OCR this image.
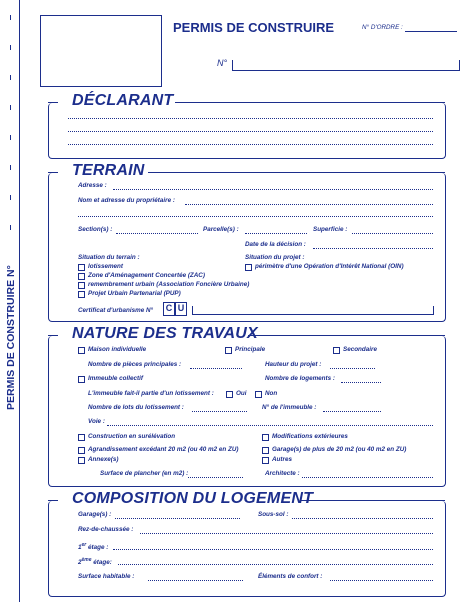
PERMIS DE CONSTRUIRE N°
PERMIS DE CONSTRUIRE	N° D'ORDRE :
N°
DÉCLARANT
TERRAIN
Adresse :
Nom et adresse du propriétaire :
Section(s) :	Parcelle(s) :	Superficie :
Date de la décision :
Situation du terrain :
lotissement
Zone d'Aménagement Concertée (ZAC)
remembrement urbain (Association Foncière Urbaine)
Projet Urbain Partenarial (PUP)
Situation du projet :
périmètre d'une Opération d'Intérêt National (OIN)
Certificat d'urbanisme N°	C U
NATURE DES TRAVAUX
Maison individuelle	Principale	Secondaire
Nombre de pièces principales :	Hauteur du projet :
Immeuble collectif	Nombre de logements :
L'immeuble fait-il partie d'un lotissement :	Oui	Non
Nombre de lots du lotissement :	N° de l'immeuble :
Voie :
Construction en surélévation	Modifications extérieures
Agrandissement excédant 20 m2 (ou 40 m2 en ZU)	Garage(s) de plus de 20 m2 (ou 40 m2 en ZU)
Annexe(s)	Autres
Surface de plancher (en m2) :	Architecte :
COMPOSITION DU LOGEMENT
Garage(s) :	Sous-sol :
Rez-de-chaussée :
1er étage :
2ème étage:
Surface habitable :	Éléments de confort :
